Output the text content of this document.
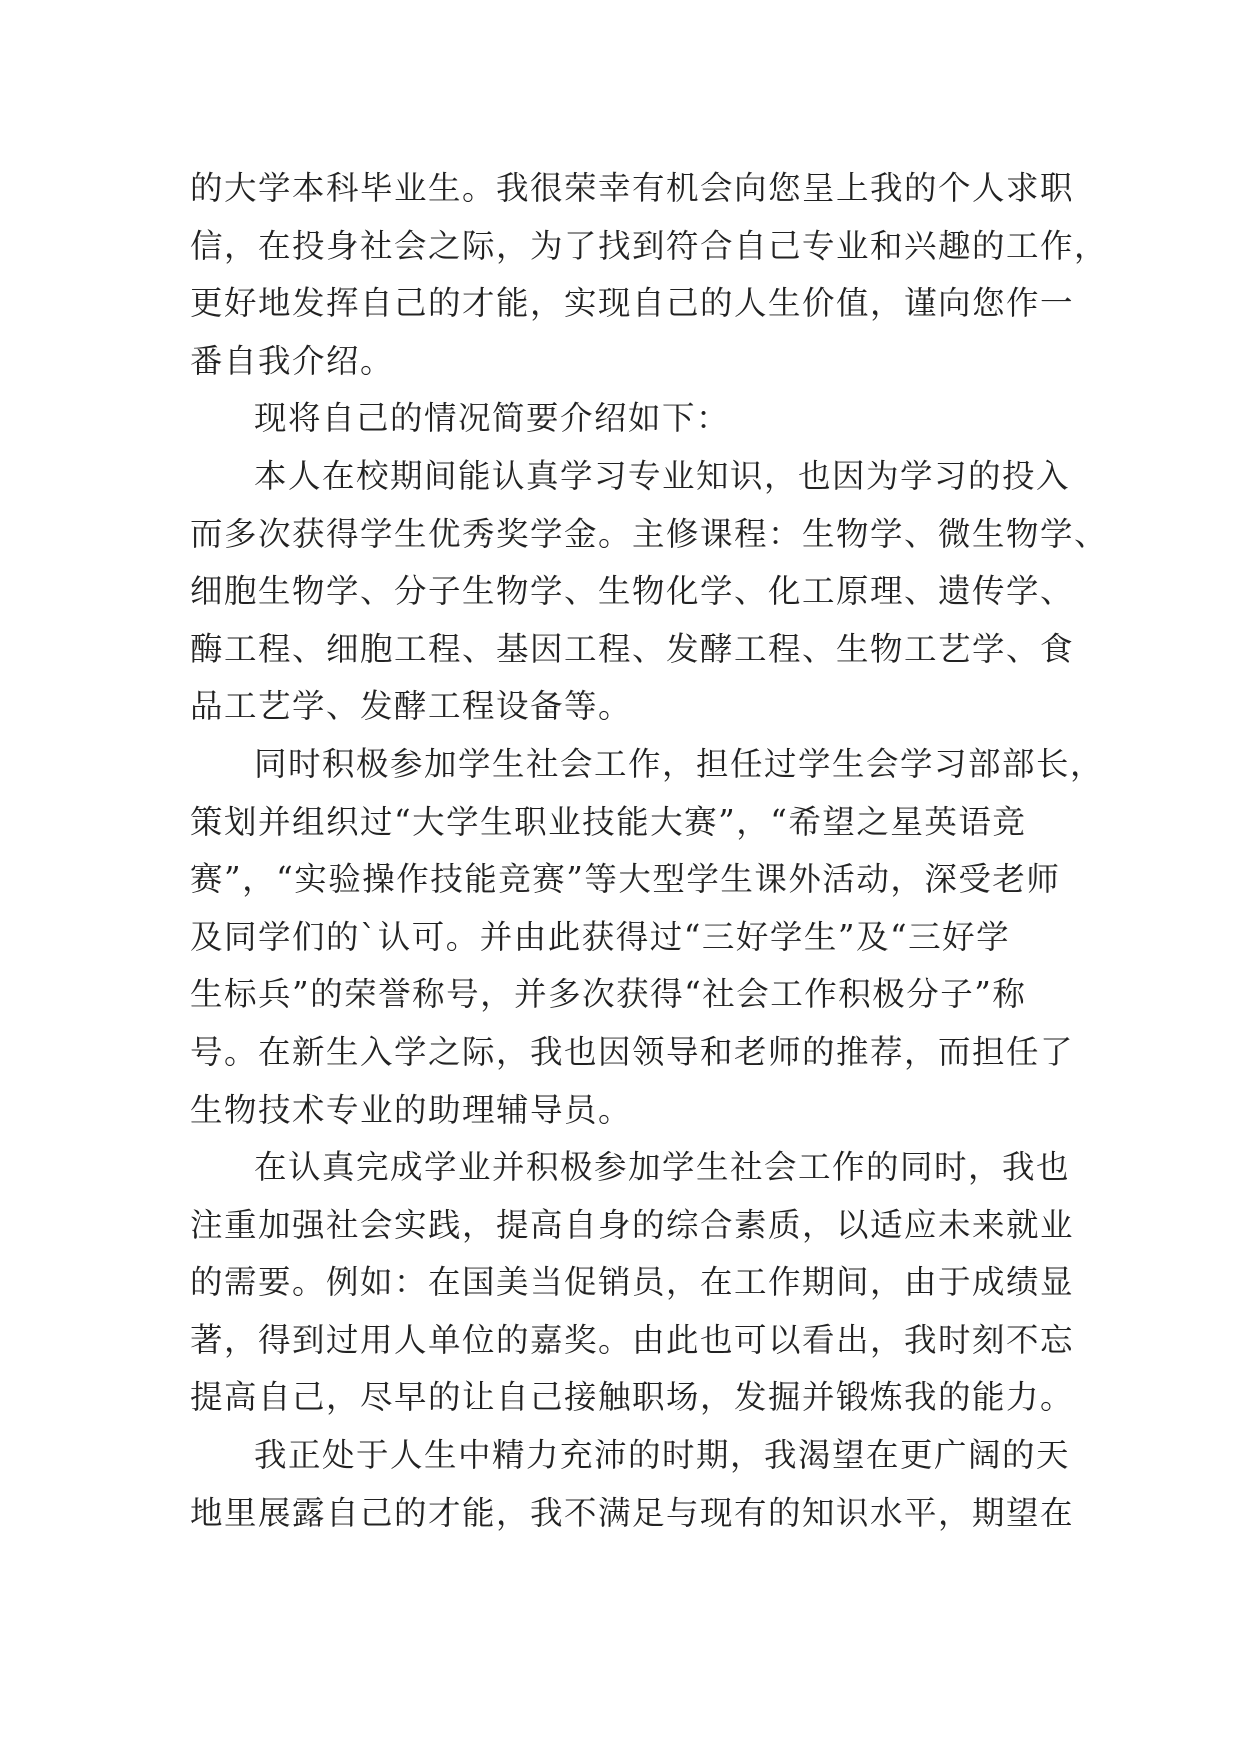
的大学本科毕业生。我很荣幸有机会向您呈上我的个人求职
信，在投身社会之际，为了找到符合自己专业和兴趣的工作，
更好地发挥自己的才能，实现自己的人生价值，谨向您作一
番自我介绍。
现将自己的情况简要介绍如下：
本人在校期间能认真学习专业知识，也因为学习的投入
而多次获得学生优秀奖学金。主修课程：生物学、微生物学、
细胞生物学、分子生物学、生物化学、化工原理、遗传学、
酶工程、细胞工程、基因工程、发酵工程、生物工艺学、食
品工艺学、发酵工程设备等。
同时积极参加学生社会工作，担任过学生会学习部部长，
策划并组织过“大学生职业技能大赛”，“希望之星英语竞
赛”，“实验操作技能竞赛”等大型学生课外活动，深受老师
及同学们的`认可。并由此获得过“三好学生”及“三好学
生标兵”的荣誉称号，并多次获得“社会工作积极分子”称
号。在新生入学之际，我也因领导和老师的推荐，而担任了
生物技术专业的助理辅导员。
在认真完成学业并积极参加学生社会工作的同时，我也
注重加强社会实践，提高自身的综合素质，以适应未来就业
的需要。例如：在国美当促销员，在工作期间，由于成绩显
著，得到过用人单位的嘉奖。由此也可以看出，我时刻不忘
提高自己，尽早的让自己接触职场，发掘并锻炼我的能力。
我正处于人生中精力充沛的时期，我渴望在更广阔的天
地里展露自己的才能，我不满足与现有的知识水平，期望在
